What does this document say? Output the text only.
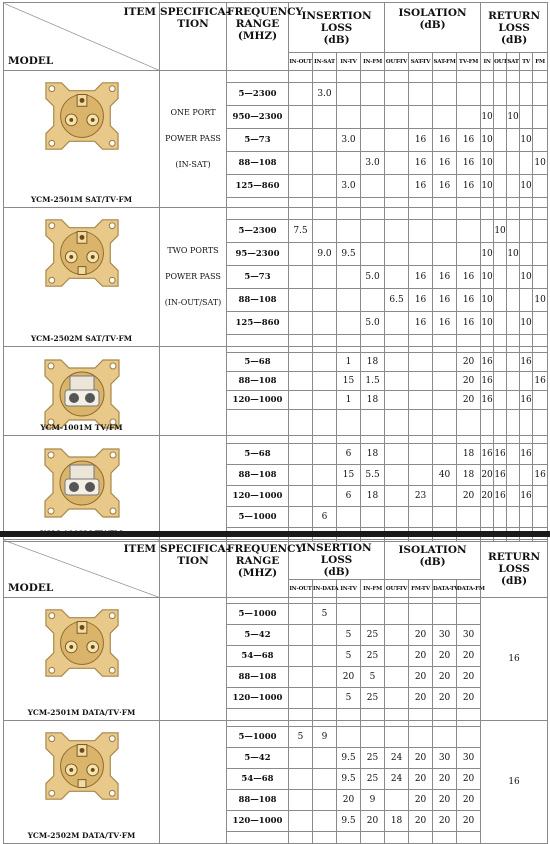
ITEM
MODEL	SPECIFICA-
TION	FREQUENCY
RANGE
(MHZ)	INSERTION
LOSS
(dB)				ISOLATION
(dB)				RETURN
LOSS
(dB)				
			IN-OUT	IN-SAT	IN-TV	IN-FM	OUT-TV	SAT-TV	SAT-FM	TV-FM	IN	OUT	SAT	TV	FM

YCM-2501M SAT/TV·FM	ONE PORT
POWER PASS
(IN-SAT)														

		5—2300		3.0											
		950—2300									10		10		
		5—73			3.0			16	16	16	10			10	
		88—108				3.0		16	16	16	10				10
		125—860			3.0			16	16	16	10			10	

YCM-2502M SAT/TV·FM	TWO PORTS
POWER PASS
(IN-OUT/SAT)														

		5—2300	7.5									10			
		95—2300		9.0	9.5						10		10		
		5—73				5.0		16	16	16	10			10	
		88—108					6.5	16	16	16	10				10
		125—860				5.0		16	16	16	10			10	

YCM-1001M TV/FM															

		5—68			1	18				20	16			16	
		88—108			15	1.5				20	16				16
		120—1000			1	18				20	16			16	

		5—68			6	18				18	16	16		16	
		88—108			15	5.5			40	18	20	16			16
		120—1000			6	18		23		20	20	16		16	
		5—1000		6											

ITEM
MODEL	SPECIFICA-
TION	FREQUENCY
RANGE
(MHZ)	INSERTION
LOSS
(dB)				ISOLATION
(dB)				RETURN
LOSS
(dB)
			IN-OUT	IN-DATA	IN-TV	IN-FM	OUT-TV	FM-TV	DATA-TV	DATA-FM	

YCM-2501M DATA/TV·FM											16
		5—1000		5							
		5—42			5	25		20	30	30	
		54—68			5	25		20	20	20	
		88—108			20	5		20	20	20	
		120—1000			5	25		20	20	20	

YCM-2502M DATA/TV·FM											16
		5—1000	5	9							
		5—42			9.5	25	24	20	30	30	
		54—68			9.5	25	24	20	20	20	
		88—108			20	9		20	20	20	
		120—1000			9.5	20	18	20	20	20	
